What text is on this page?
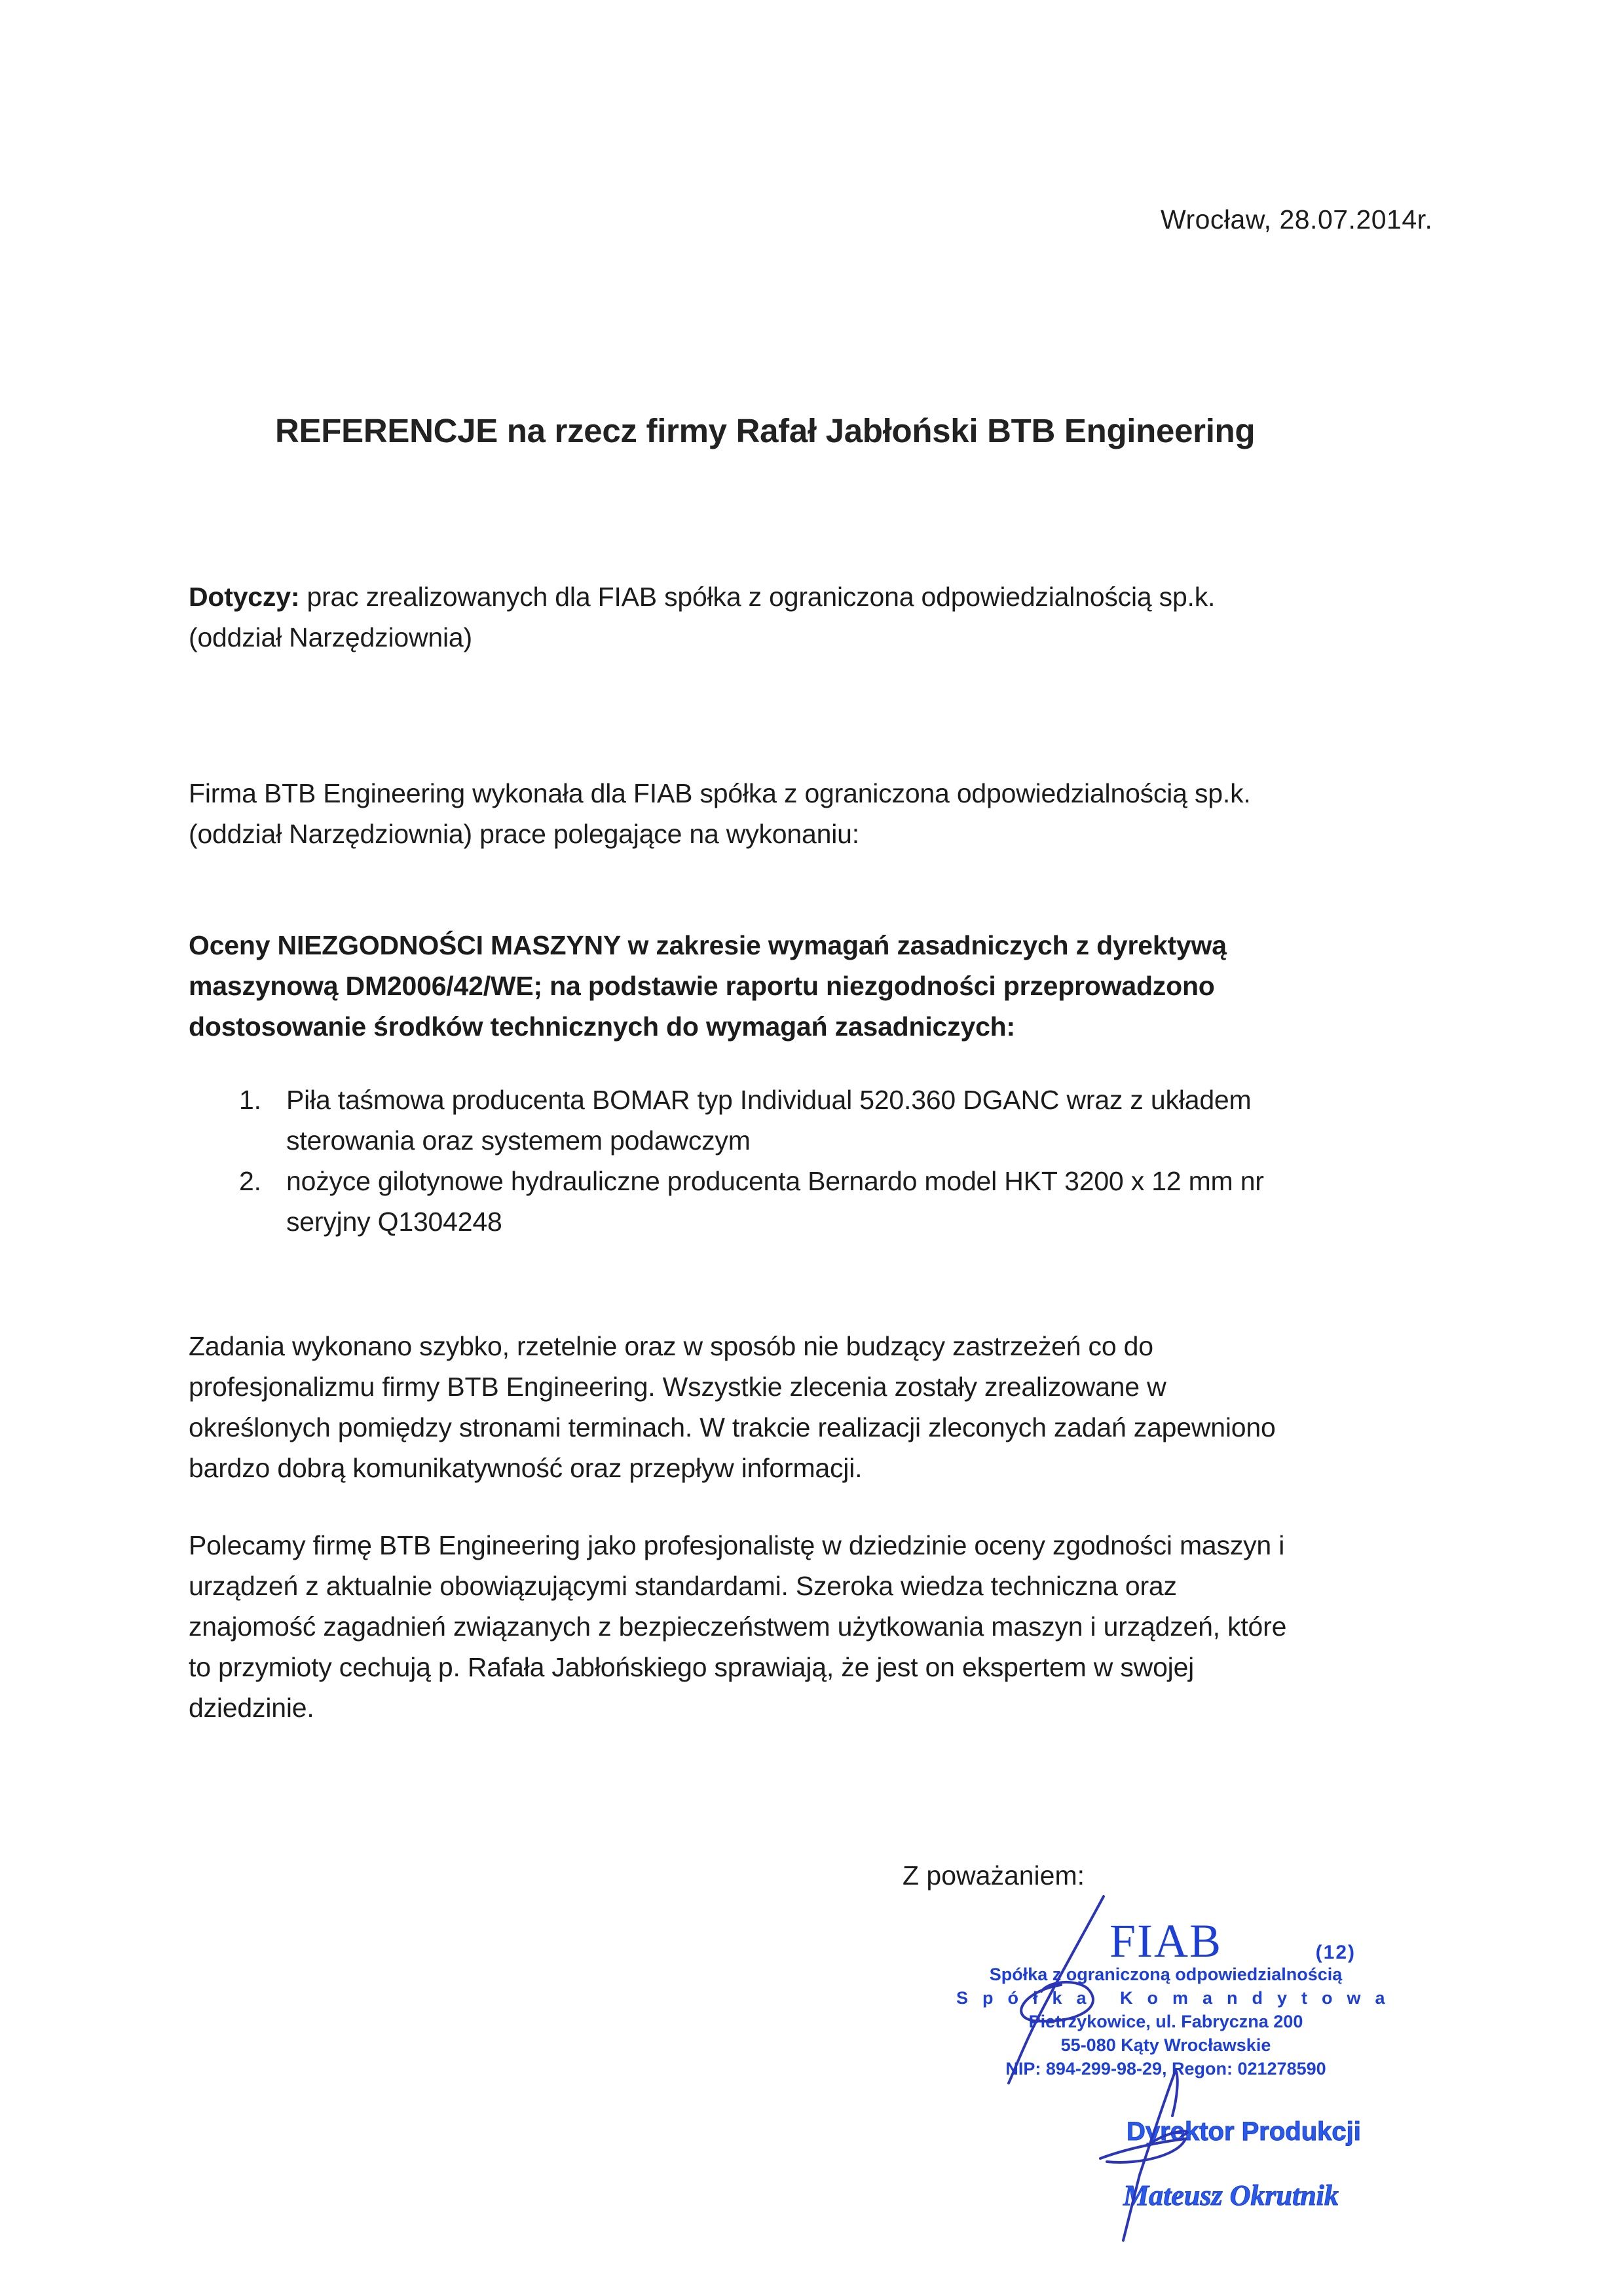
Wrocław, 28.07.2014r.
REFERENCJE na rzecz firmy Rafał Jabłoński BTB Engineering
Dotyczy: prac zrealizowanych dla FIAB spółka z ograniczona odpowiedzialnością sp.k.
(oddział Narzędziownia)
Firma BTB Engineering wykonała dla FIAB spółka z ograniczona odpowiedzialnością sp.k.
(oddział Narzędziownia) prace polegające na wykonaniu:
Oceny NIEZGODNOŚCI MASZYNY w zakresie wymagań zasadniczych z dyrektywą
maszynową DM2006/42/WE; na podstawie raportu niezgodności przeprowadzono
dostosowanie środków technicznych do wymagań zasadniczych:
1. Piła taśmowa producenta BOMAR typ Individual 520.360 DGANC wraz z układem
sterowania oraz systemem podawczym
2. nożyce gilotynowe hydrauliczne producenta Bernardo model HKT 3200 x 12 mm nr
seryjny Q1304248
Zadania wykonano szybko, rzetelnie oraz w sposób nie budzący zastrzeżeń co do
profesjonalizmu firmy BTB Engineering. Wszystkie zlecenia zostały zrealizowane w
określonych pomiędzy stronami terminach. W trakcie realizacji zleconych zadań zapewniono
bardzo dobrą komunikatywność oraz przepływ informacji.
Polecamy firmę BTB Engineering jako profesjonalistę w dziedzinie oceny zgodności maszyn i
urządzeń z aktualnie obowiązującymi standardami. Szeroka wiedza techniczna oraz
znajomość zagadnień związanych z bezpieczeństwem użytkowania maszyn i urządzeń, które
to przymioty cechują p. Rafała Jabłońskiego sprawiają, że jest on ekspertem w swojej
dziedzinie.
Z poważaniem:
FIAB	(12)
Spółka z ograniczoną odpowiedzialnością
Spółka Komandytowa
Pietrzykowice, ul. Fabryczna 200
55-080 Kąty Wrocławskie
NIP: 894-299-98-29, Regon: 021278590
Dyrektor Produkcji
Mateusz Okrutnik
